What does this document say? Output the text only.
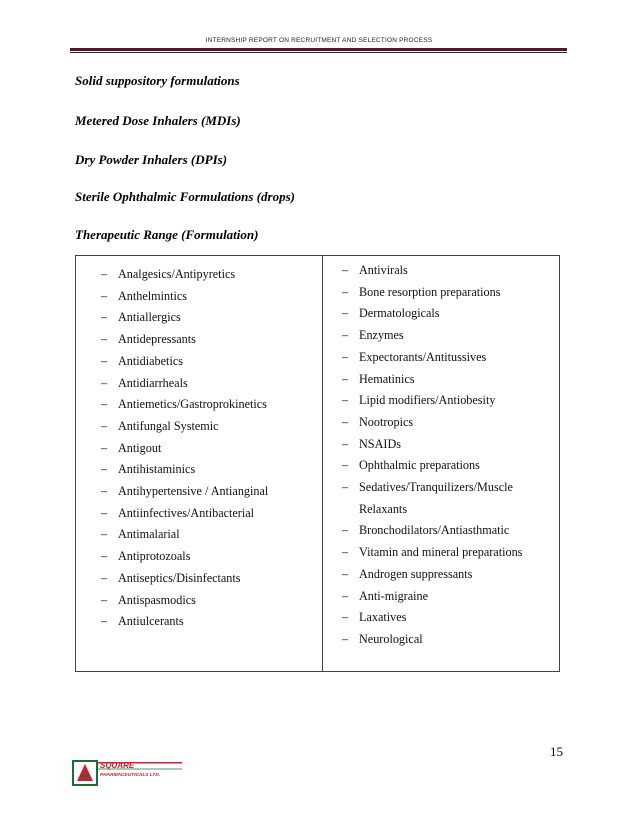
INTERNSHIP REPORT ON RECRUITMENT AND SELECTION PROCESS
Solid suppository formulations
Metered Dose Inhalers (MDIs)
Dry Powder Inhalers (DPIs)
Sterile Ophthalmic Formulations (drops)
Therapeutic Range (Formulation)
– Analgesics/Antipyretics
– Anthelmintics
– Antiallergics
– Antidepressants
– Antidiabetics
– Antidiarrheals
– Antiemetics/Gastroprokinetics
– Antifungal Systemic
– Antigout
– Antihistaminics
– Antihypertensive / Antianginal
– Antiinfectives/Antibacterial
– Antimalarial
– Antiprotozoals
– Antiseptics/Disinfectants
– Antispasmodics
– Antiulcerants
– Antivirals
– Bone resorption preparations
– Dermatologicals
– Enzymes
– Expectorants/Antitussives
– Hematinics
– Lipid modifiers/Antiobesity
– Nootropics
– NSAIDs
– Ophthalmic preparations
– Sedatives/Tranquilizers/Muscle Relaxants
– Bronchodilators/Antiasthmatic
– Vitamin and mineral preparations
– Androgen suppressants
– Anti-migraine
– Laxatives
– Neurological
15
SQUARE
PHARMACEUTICALS LTD.
